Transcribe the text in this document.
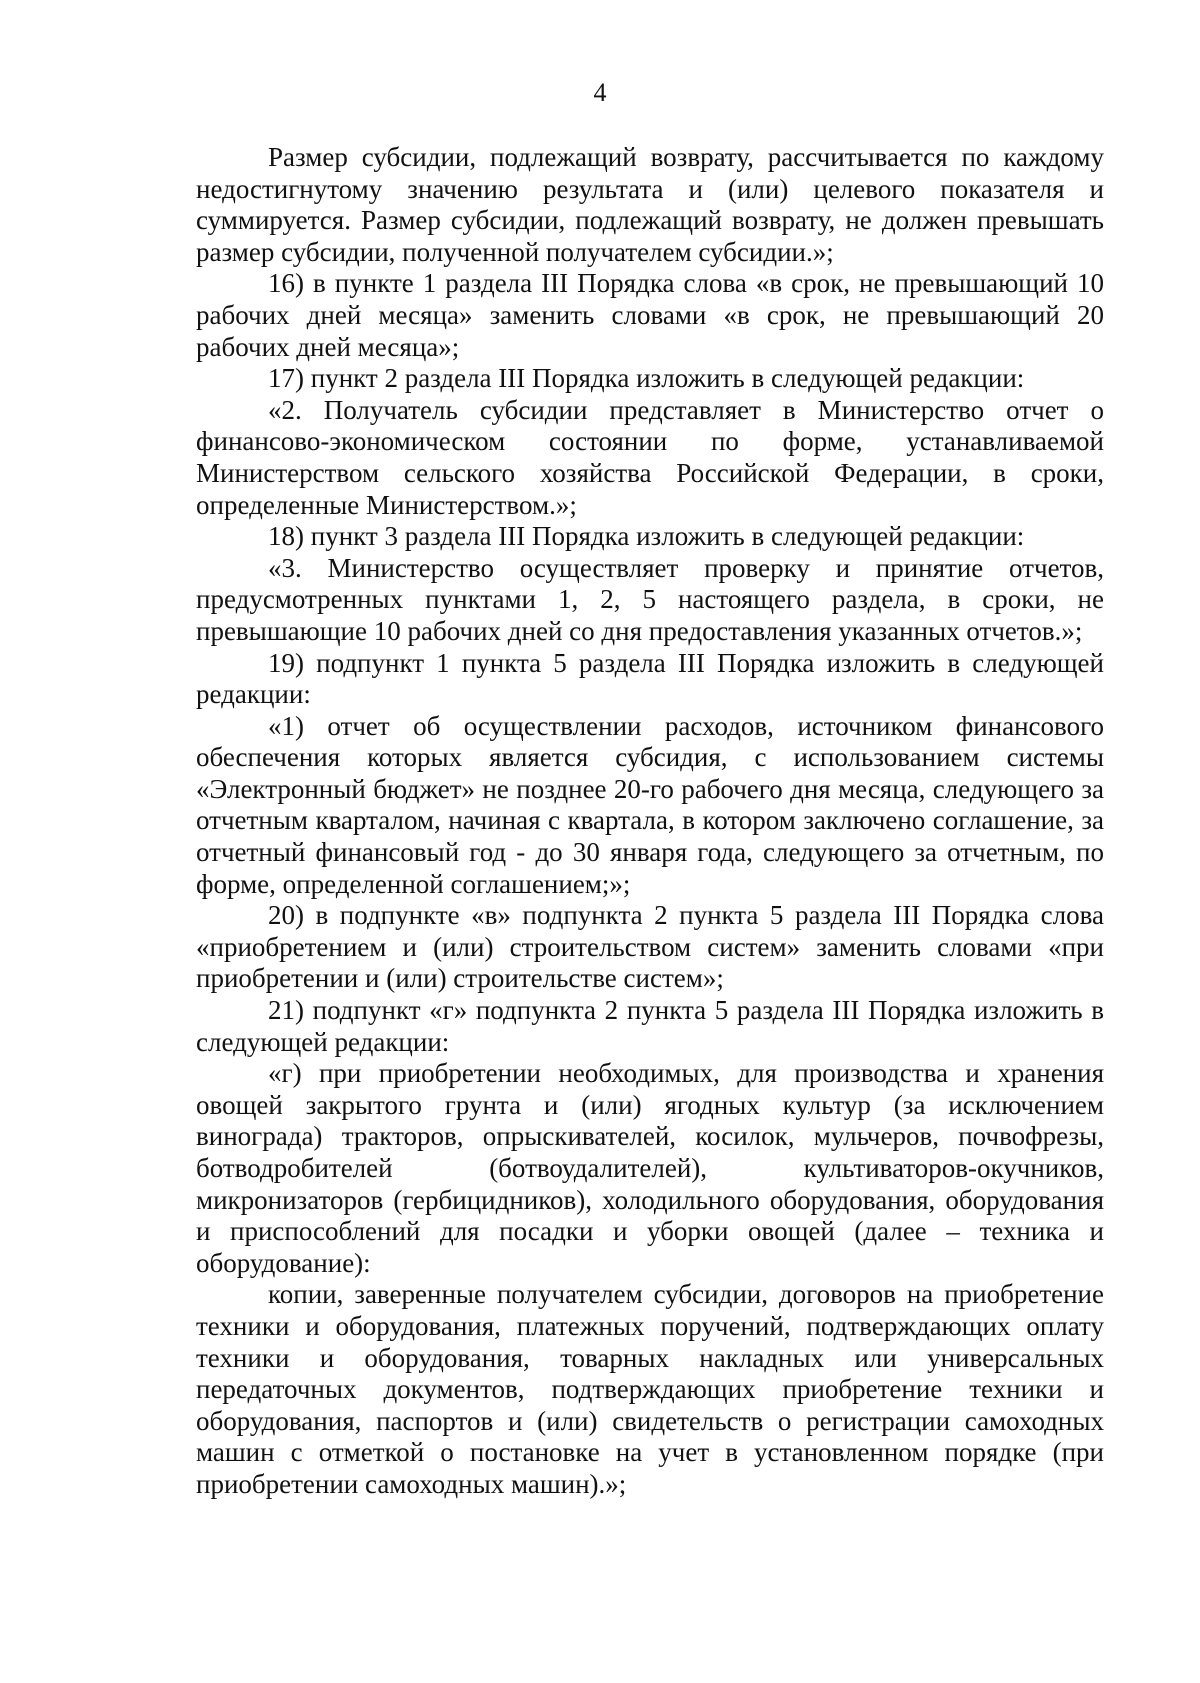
4

Размер субсидии, подлежащий возврату, рассчитывается по каждому недостигнутому значению результата и (или) целевого показателя и суммируется. Размер субсидии, подлежащий возврату, не должен превышать размер субсидии, полученной получателем субсидии.»;

16) в пункте 1 раздела III Порядка слова «в срок, не превышающий 10 рабочих дней месяца» заменить словами «в срок, не превышающий 20 рабочих дней месяца»;

17) пункт 2 раздела III Порядка изложить в следующей редакции:

«2. Получатель субсидии представляет в Министерство отчет о финансово-экономическом состоянии по форме, устанавливаемой Министерством сельского хозяйства Российской Федерации, в сроки, определенные Министерством.»;

18) пункт 3 раздела III Порядка изложить в следующей редакции:

«3. Министерство осуществляет проверку и принятие отчетов, предусмотренных пунктами 1, 2, 5 настоящего раздела, в сроки, не превышающие 10 рабочих дней со дня предоставления указанных отчетов.»;

19) подпункт 1 пункта 5 раздела III Порядка изложить в следующей редакции:

«1) отчет об осуществлении расходов, источником финансового обеспечения которых является субсидия, с использованием системы «Электронный бюджет» не позднее 20-го рабочего дня месяца, следующего за отчетным кварталом, начиная с квартала, в котором заключено соглашение, за отчетный финансовый год - до 30 января года, следующего за отчетным, по форме, определенной соглашением;»;

20) в подпункте «в» подпункта 2 пункта 5 раздела III Порядка слова «приобретением и (или) строительством систем» заменить словами «при приобретении и (или) строительстве систем»;

21) подпункт «г» подпункта 2 пункта 5 раздела III Порядка изложить в следующей редакции:

«г) при приобретении необходимых, для производства и хранения овощей закрытого грунта и (или) ягодных культур (за исключением винограда) тракторов, опрыскивателей, косилок, мульчеров, почвофрезы, ботводробителей (ботвоудалителей), культиваторов-окучников, микронизаторов (гербицидников), холодильного оборудования, оборудования и приспособлений для посадки и уборки овощей (далее – техника и оборудование):

копии, заверенные получателем субсидии, договоров на приобретение техники и оборудования, платежных поручений, подтверждающих оплату техники и оборудования, товарных накладных или универсальных передаточных документов, подтверждающих приобретение техники и оборудования, паспортов и (или) свидетельств о регистрации самоходных машин с отметкой о постановке на учет в установленном порядке (при приобретении самоходных машин).»;
